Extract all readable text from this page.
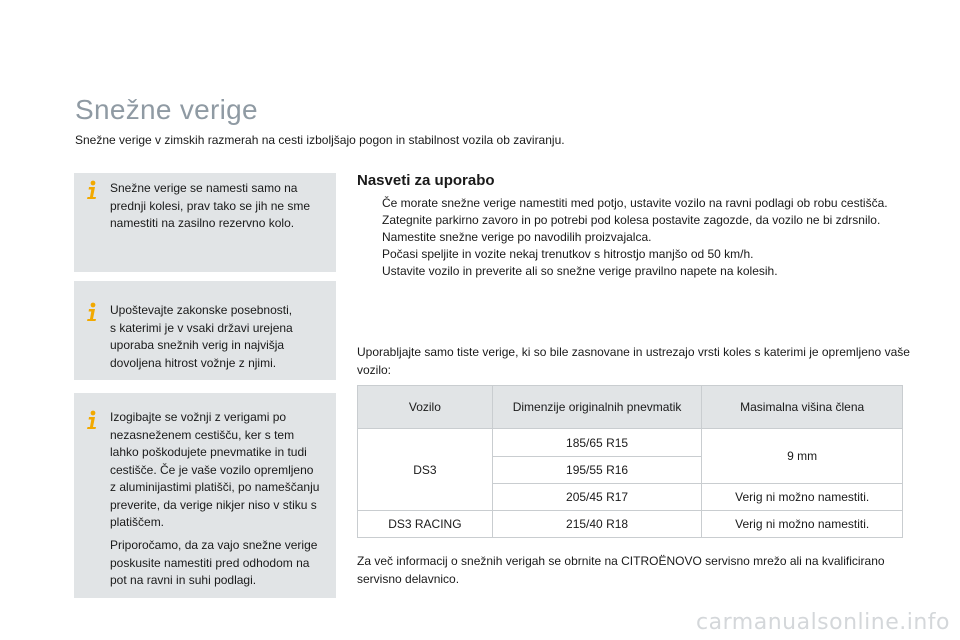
Snežne verige

Snežne verige v zimskih razmerah na cesti izboljšajo pogon in stabilnost vozila ob zaviranju.

Snežne verige se namesti samo na
prednji kolesi, prav tako se jih ne sme
namestiti na zasilno rezervno kolo.
Upoštevajte zakonske posebnosti,
s katerimi je v vsaki državi urejena
uporaba snežnih verig in najvišja
dovoljena hitrost vožnje z njimi.
Izogibajte se vožnji z verigami po
nezasneženem cestišču, ker s tem
lahko poškodujete pnevmatike in tudi
cestišče. Če je vaše vozilo opremljeno
z aluminijastimi platišči, po nameščanju
preverite, da verige nikjer niso v stiku s
platiščem.
Priporočamo, da za vajo snežne verige
poskusite namestiti pred odhodom na
pot na ravni in suhi podlagi.
Nasveti za uporabo
Če morate snežne verige namestiti med potjo, ustavite vozilo na ravni podlagi ob robu cestišča.
Zategnite parkirno zavoro in po potrebi pod kolesa postavite zagozde, da vozilo ne bi zdrsnilo.
Namestite snežne verige po navodilih proizvajalca.
Počasi speljite in vozite nekaj trenutkov s hitrostjo manjšo od 50 km/h.
Ustavite vozilo in preverite ali so snežne verige pravilno napete na kolesih.

Uporabljajte samo tiste verige, ki so bile zasnovane in ustrezajo vrsti koles s katerimi je opremljeno vaše vozilo:

Vozilo	Dimenzije originalnih pnevmatik	Masimalna višina člena
DS3	185/65 R15	9 mm
	195/55 R16	
	205/45 R17	Verig ni možno namestiti.
DS3 RACING	215/40 R18	Verig ni možno namestiti.

Za več informacij o snežnih verigah se obrnite na CITROËNOVO servisno mrežo ali na kvalificirano servisno delavnico.

carmanualsonline.info
